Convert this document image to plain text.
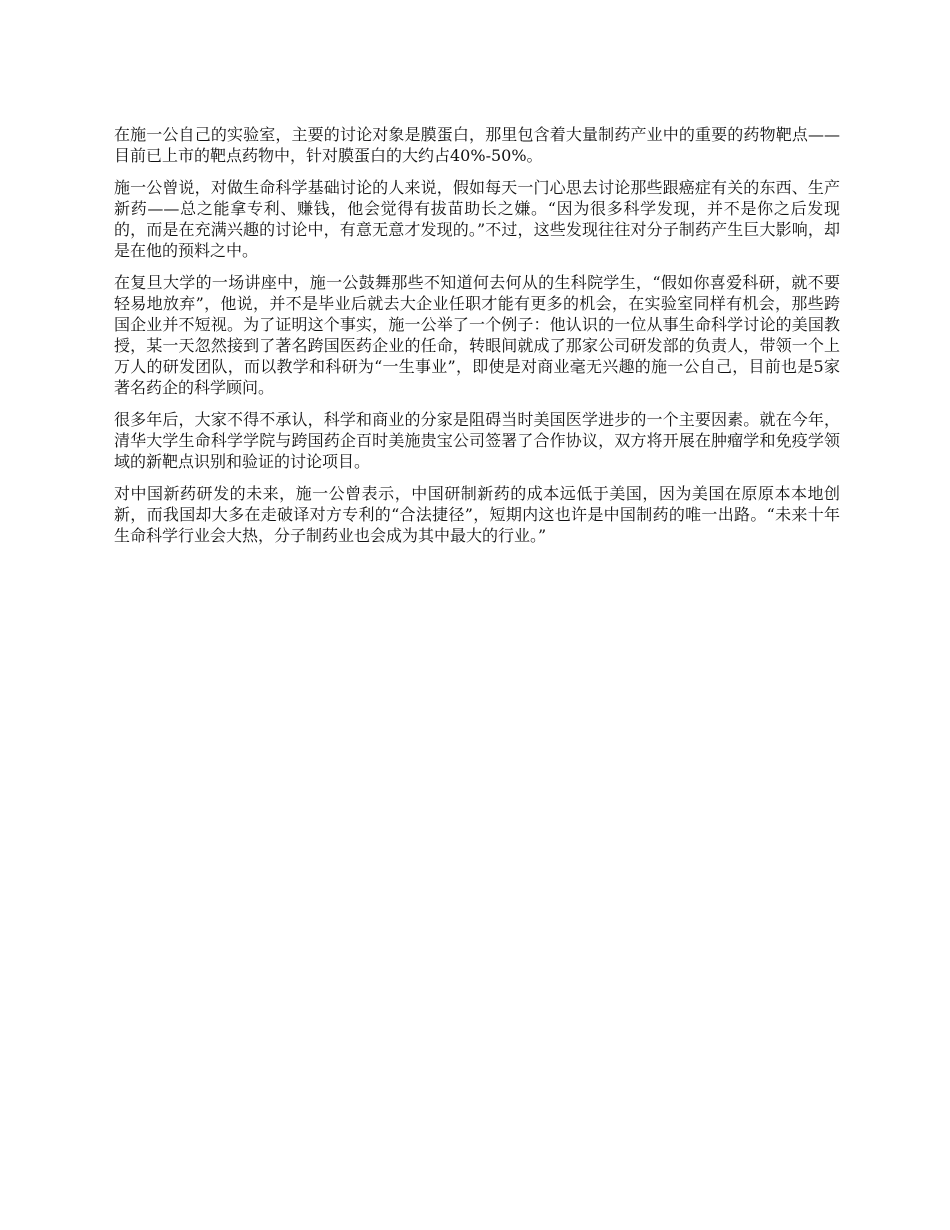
在施一公自己的实验室，主要的讨论对象是膜蛋白，那里包含着大量制药产业中的重要的药物靶点——目前已上市的靶点药物中，针对膜蛋白的大约占40%-50%。

施一公曾说，对做生命科学基础讨论的人来说，假如每天一门心思去讨论那些跟癌症有关的东西、生产新药——总之能拿专利、赚钱，他会觉得有拔苗助长之嫌。“因为很多科学发现，并不是你之后发现的，而是在充满兴趣的讨论中，有意无意才发现的。”不过，这些发现往往对分子制药产生巨大影响，却是在他的预料之中。

在复旦大学的一场讲座中，施一公鼓舞那些不知道何去何从的生科院学生，“假如你喜爱科研，就不要轻易地放弃”，他说，并不是毕业后就去大企业任职才能有更多的机会，在实验室同样有机会，那些跨国企业并不短视。为了证明这个事实，施一公举了一个例子：他认识的一位从事生命科学讨论的美国教授，某一天忽然接到了著名跨国医药企业的任命，转眼间就成了那家公司研发部的负责人，带领一个上万人的研发团队，而以教学和科研为“一生事业”，即使是对商业毫无兴趣的施一公自己，目前也是5家著名药企的科学顾问。

很多年后，大家不得不承认，科学和商业的分家是阻碍当时美国医学进步的一个主要因素。就在今年，清华大学生命科学学院与跨国药企百时美施贵宝公司签署了合作协议，双方将开展在肿瘤学和免疫学领域的新靶点识别和验证的讨论项目。

对中国新药研发的未来，施一公曾表示，中国研制新药的成本远低于美国，因为美国在原原本本地创新，而我国却大多在走破译对方专利的“合法捷径”，短期内这也许是中国制药的唯一出路。“未来十年生命科学行业会大热，分子制药业也会成为其中最大的行业。”
